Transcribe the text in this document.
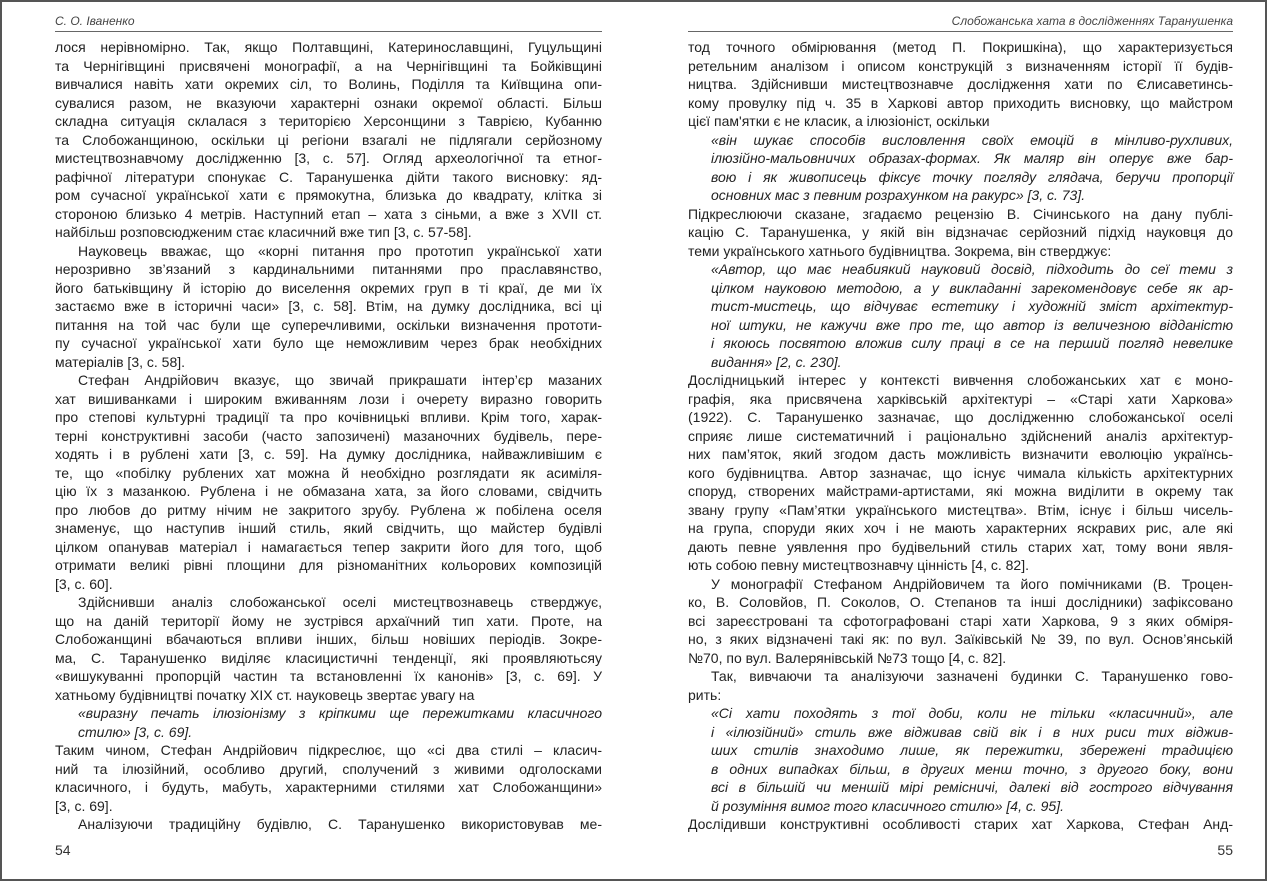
С. О. Іваненко
лося нерівномірно. Так, якщо Полтавщині, Катеринославщині, Гуцульщині
та Чернігівщині присвячені монографії, а на Чернігівщині та Бойківщині
вивчалися навіть хати окремих сіл, то Волинь, Поділля та Київщина опи-
сувалися разом, не вказуючи характерні ознаки окремої області. Більш
складна ситуація склалася з територією Херсонщини з Таврією, Кубанню
та Слобожанщиною, оскільки ці регіони взагалі не підлягали серйозному
мистецтвознавчому дослідженню [3, с. 57]. Огляд археологічної та етног-
рафічної літератури спонукає С. Таранушенка дійти такого висновку: яд-
ром сучасної української хати є прямокутна, близька до квадрату, клітка зі
стороною близько 4 метрів. Наступний етап – хата з сіньми, а вже з XVII ст.
найбільш розповсюдженим стає класичний вже тип [3, с. 57-58].
Науковець вважає, що «корні питання про прототип української хати
нерозривно зв’язаний з кардинальними питаннями про праславянство,
його батьківщину й історію до виселення окремих груп в ті краї, де ми їх
застаємо вже в історичні часи» [3, с. 58]. Втім, на думку дослідника, всі ці
питання на той час були ще суперечливими, оскільки визначення прототи-
пу сучасної української хати було ще неможливим через брак необхідних
матеріалів [3, с. 58].
Стефан Андрійович вказує, що звичай прикрашати інтер’єр мазаних
хат вишиванками і широким вживанням лози і очерету виразно говорить
про степові культурні традиції та про кочівницькі впливи. Крім того, харак-
терні конструктивні засоби (часто запозичені) мазаночних будівель, пере-
ходять і в рублені хати [3, с. 59]. На думку дослідника, найважливішим є
те, що «побілку рублених хат можна й необхідно розглядати як асиміля-
цію їх з мазанкою. Рублена і не обмазана хата, за його словами, свідчить
про любов до ритму нічим не закритого зрубу. Рублена ж побілена оселя
знаменує, що наступив інший стиль, який свідчить, що майстер будівлі
цілком опанував матеріал і намагається тепер закрити його для того, щоб
отримати великі рівні площини для різноманітних кольорових композицій
[3, с. 60].
Здійснивши аналіз слобожанської оселі мистецтвознавець стверджує,
що на даній території йому не зустрівся архаїчний тип хати. Проте, на
Слобожанщині вбачаються впливи інших, більш новіших періодів. Зокре-
ма, С. Таранушенко виділяє класицистичні тенденції, які проявляютьсяу
«вишукуванні пропорцій частин та встановленні їх канонів» [3, с. 69]. У
хатньому будівництві початку ХІХ ст. науковець звертає увагу на
«виразну печать ілюзіонізму з кріпкими ще пережитками класичного
стилю» [3, с. 69].
Таким чином, Стефан Андрійович підкреслює, що «сі два стилі – класич-
ний та ілюзійний, особливо другий, сполучений з живими одголосками
класичного, і будуть, мабуть, характерними стилями хат Слобожанщини»
[3, с. 69].
Аналізуючи традиційну будівлю, С. Таранушенко використовував ме-
54
Слобожанська хата в дослідженнях Таранушенка
тод точного обмірювання (метод П. Покришкіна), що характеризується
ретельним аналізом і описом конструкцій з визначенням історії її будів-
ництва. Здійснивши мистецтвознавче дослідження хати по Єлисаветинсь-
кому провулку під ч. 35 в Харкові автор приходить висновку, що майстром
цієї пам'ятки є не класик, а ілюзіоніст, оскільки
«він шукає способів висловлення своїх емоцій в мінливо-рухливих,
ілюзійно-мальовничих образах-формах. Як маляр він оперує вже бар-
вою і як живописець фіксує точку погляду глядача, беручи пропорції
основних мас з певним розрахунком на ракурс» [3, с. 73].
Підкреслюючи сказане, згадаємо рецензію В. Січинського на дану публі-
кацію С. Таранушенка, у якій він відзначає серйозний підхід науковця до
теми українського хатнього будівництва. Зокрема, він стверджує:
«Автор, що має неабиякий науковий досвід, підходить до сеї теми з
цілком науковою методою, а у викладанні зарекомендовує себе як ар-
тист-мистець, що відчуває естетику і художній зміст архітектур-
ної штуки, не кажучи вже про те, що автор із величезною відданістю
і якоюсь посвятою вложив силу праці в се на перший погляд невелике
видання» [2, с. 230].
Дослідницький інтерес у контексті вивчення слобожанських хат є моно-
графія, яка присвячена харківській архітектурі – «Старі хати Харкова»
(1922). С. Таранушенко зазначає, що дослідженню слобожанської оселі
сприяє лише систематичний і раціонально здійснений аналіз архітектур-
них пам’яток, який згодом дасть можливість визначити еволюцію українсь-
кого будівництва. Автор зазначає, що існує чимала кількість архітектурних
споруд, створених майстрами-артистами, які можна виділити в окрему так
звану групу «Пам’ятки українського мистецтва». Втім, існує і більш чисель-
на група, споруди яких хоч і не мають характерних яскравих рис, але які
дають певне уявлення про будівельний стиль старих хат, тому вони явля-
ють собою певну мистецтвознавчу цінність [4, с. 82].
У монографії Стефаном Андрійовичем та його помічниками (В. Троцен-
ко, В. Соловйов, П. Соколов, О. Степанов та інші дослідники) зафіксовано
всі зареєстровані та сфотографовані старі хати Харкова, 9 з яких обміря-
но, з яких відзначені такі як: по вул. Заїківській № 39, по вул. Основ’янській
№70, по вул. Валерянівській №73 тощо [4, с. 82].
Так, вивчаючи та аналізуючи зазначені будинки С. Таранушенко гово-
рить:
«Сі хати походять з тої доби, коли не тільки «класичний», але
і «ілюзійний» стиль вже відживав свій вік і в них риси тих віджив-
ших стилів знаходимо лише, як пережитки, збережені традицією
в одних випадках більш, в других менш точно, з другого боку, вони
всі в більшій чи меншій мірі ремісничі, далекі від гострого відчування
й розуміння вимог того класичного стилю» [4, с. 95].
Дослідивши конструктивні особливості старих хат Харкова, Стефан Анд-
55
